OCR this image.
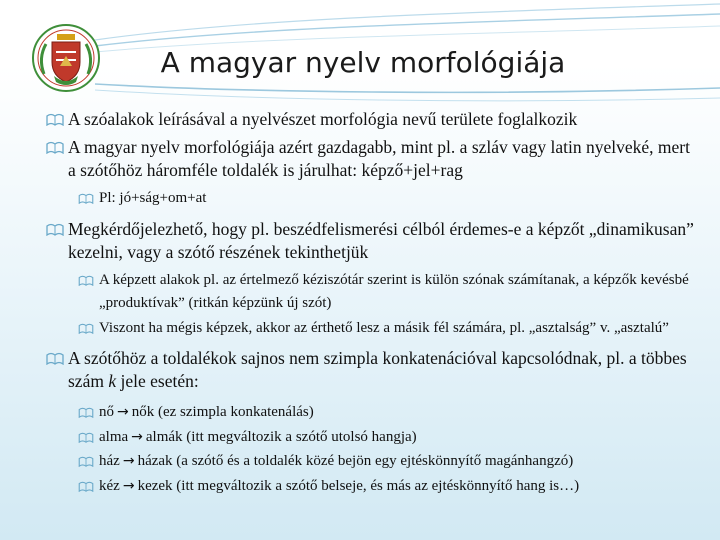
A magyar nyelv morfológiája
A szóalakok leírásával a nyelvészet morfológia nevű területe foglalkozik
A magyar nyelv morfológiája azért gazdagabb, mint pl. a szláv vagy latin nyelveké, mert a szótőhöz háromféle toldalék is járulhat: képző+jel+rag
Pl: jó+ság+om+at
Megkérdőjelezhető, hogy pl. beszédfelismerési célból érdemes-e a képzőt „dinamikusan” kezelni, vagy a szótő részének tekinthetjük
A képzett alakok pl. az értelmező kéziszótár szerint is külön szónak számítanak, a képzők kevésbé „produktívak” (ritkán képzünk új szót)
Viszont ha mégis képzek, akkor az érthető lesz a másik fél számára, pl. „asztalság” v. „asztalú”
A szótőhöz a toldalékok sajnos nem szimpla konkatenációval kapcsolódnak, pl. a többes szám k jele esetén:
nő → nők (ez szimpla konkatenálás)
alma → almák (itt megváltozik a szótő utolsó hangja)
ház → házak (a szótő és a toldalék közé bejön egy ejtéskönnyítő magánhangzó)
kéz → kezek (itt megváltozik a szótő belseje, és más az ejtéskönnyítő hang is…)
